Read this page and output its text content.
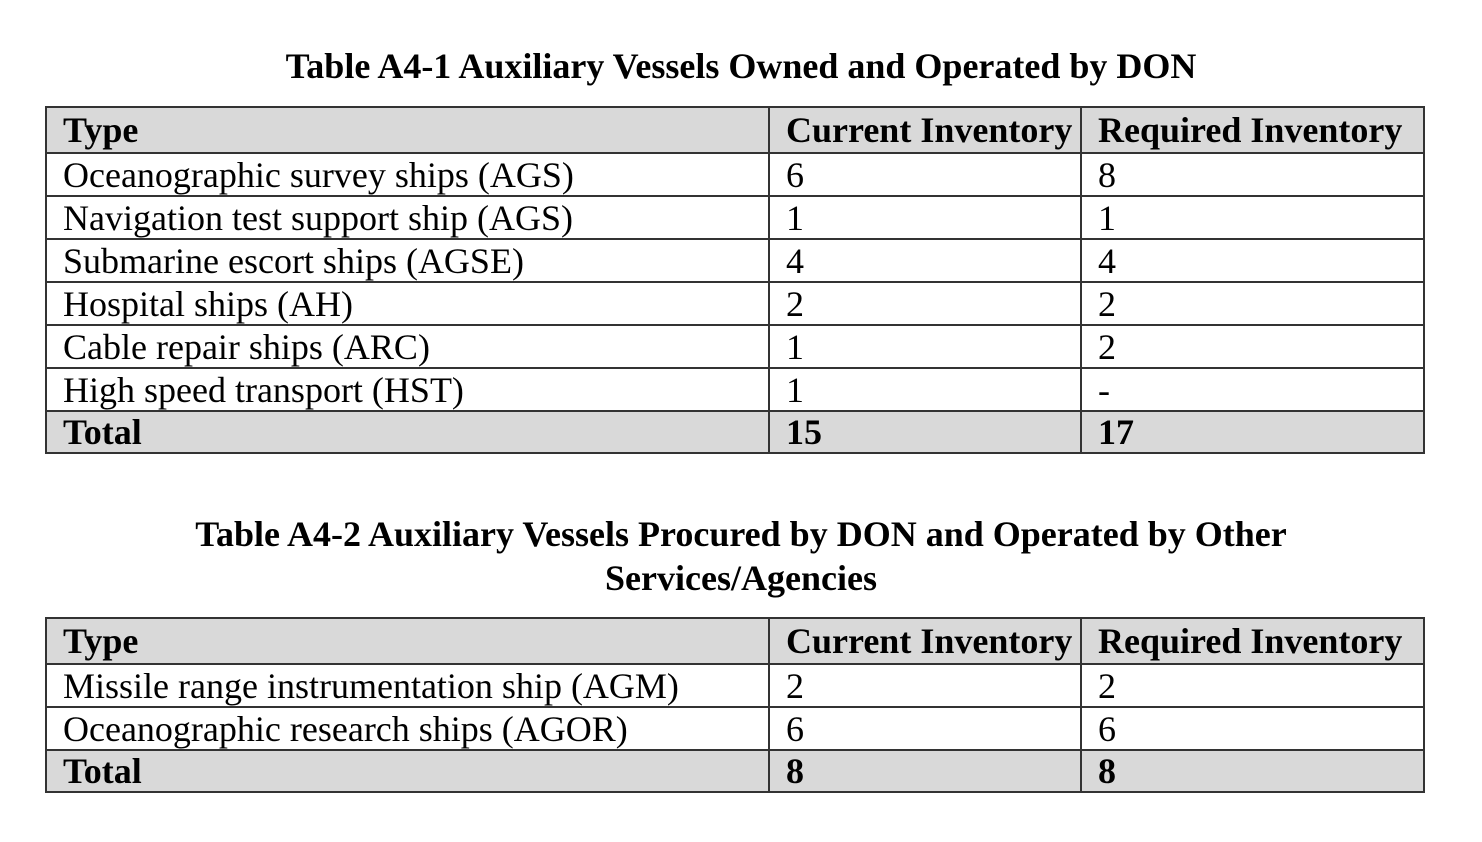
Table A4-1 Auxiliary Vessels Owned and Operated by DON
Type	Current Inventory	Required Inventory
Oceanographic survey ships (AGS)	6	8
Navigation test support ship (AGS)	1	1
Submarine escort ships (AGSE)	4	4
Hospital ships (AH)	2	2
Cable repair ships (ARC)	1	2
High speed transport (HST)	1	-
Total	15	17
Table A4-2 Auxiliary Vessels Procured by DON and Operated by Other
Services/Agencies
Type	Current Inventory	Required Inventory
Missile range instrumentation ship (AGM)	2	2
Oceanographic research ships (AGOR)	6	6
Total	8	8
